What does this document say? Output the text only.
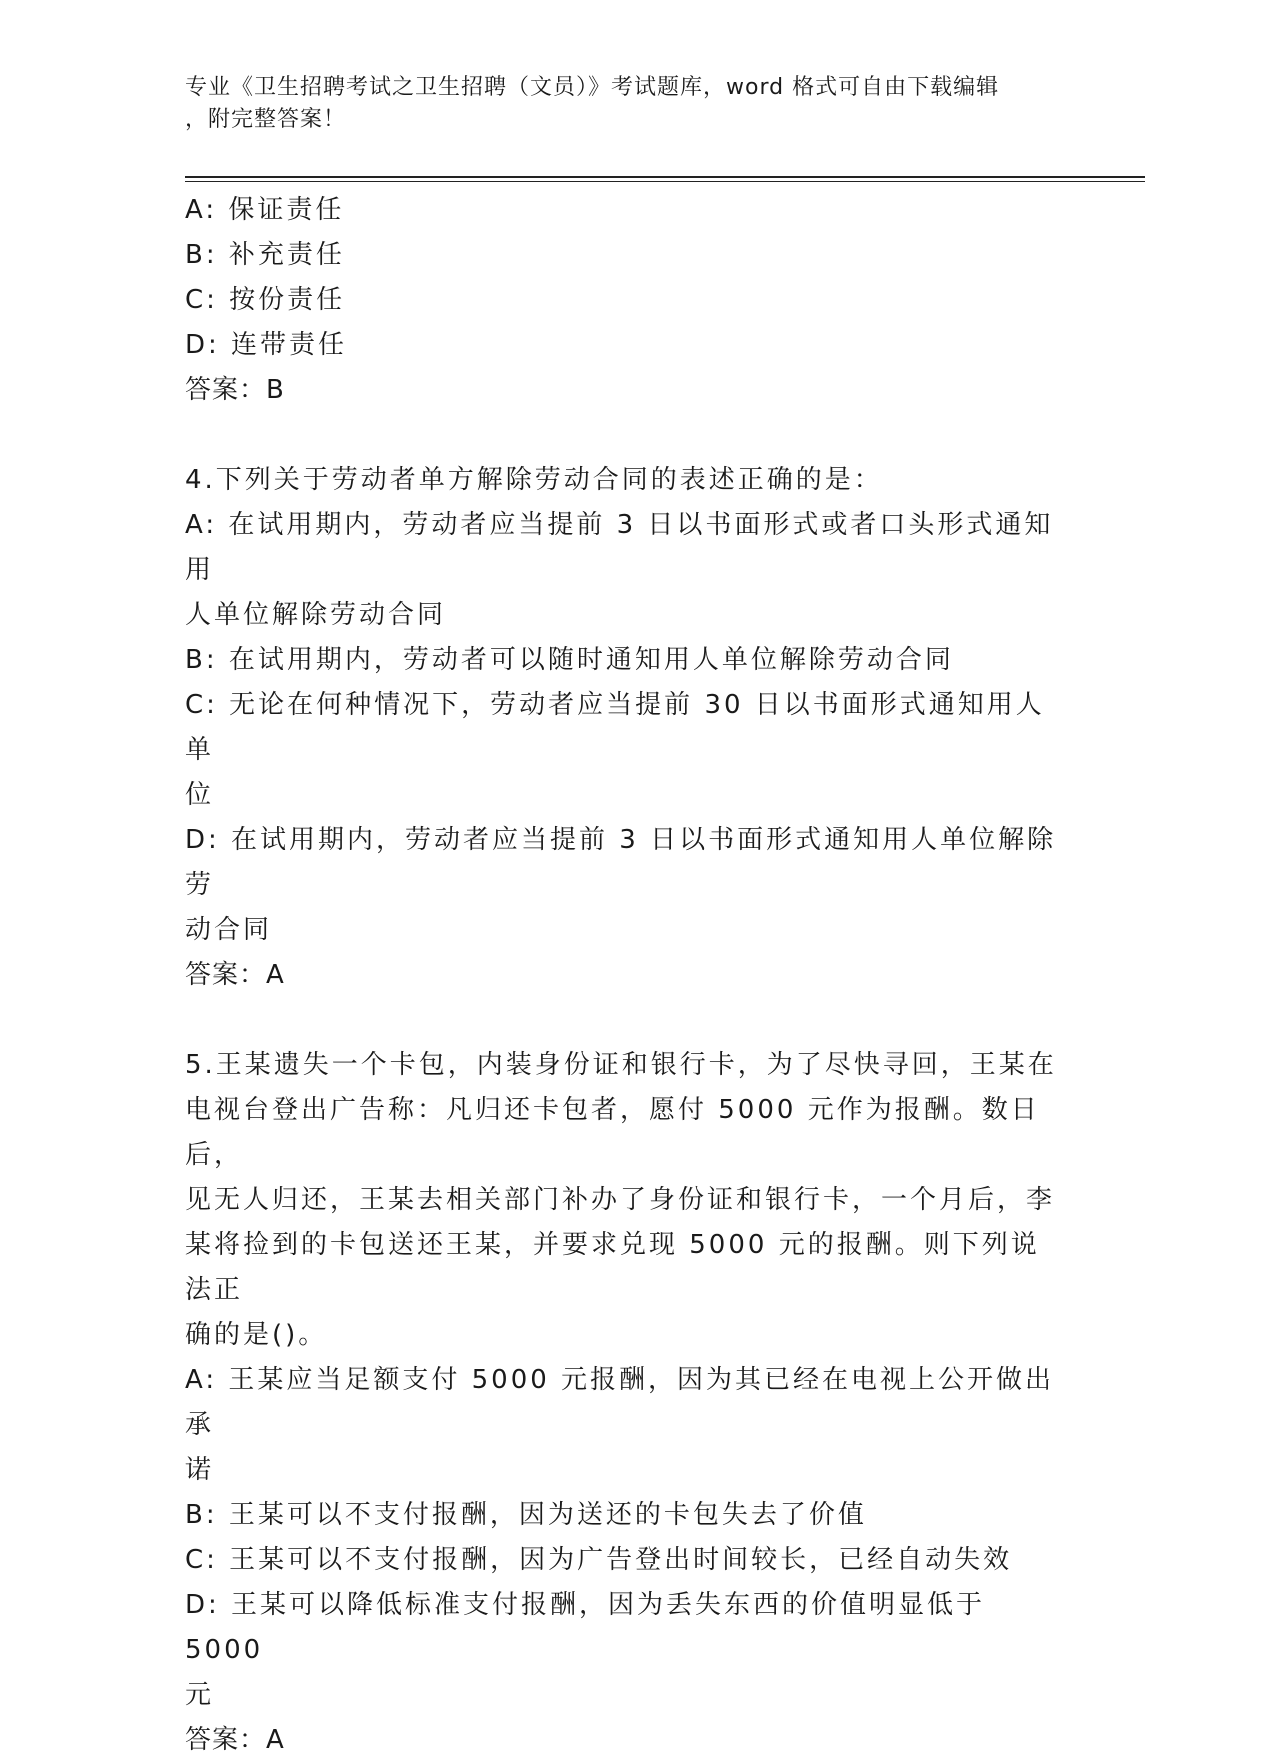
专业《卫生招聘考试之卫生招聘（文员）》考试题库，word 格式可自由下载编辑
，附完整答案！
A: 保证责任
B: 补充责任
C: 按份责任
D: 连带责任
答案：B
4.下列关于劳动者单方解除劳动合同的表述正确的是：
A: 在试用期内，劳动者应当提前 3 日以书面形式或者口头形式通知用
人单位解除劳动合同
B: 在试用期内，劳动者可以随时通知用人单位解除劳动合同
C: 无论在何种情况下，劳动者应当提前 30 日以书面形式通知用人单
位
D: 在试用期内，劳动者应当提前 3 日以书面形式通知用人单位解除劳
动合同
答案：A
5.王某遗失一个卡包，内装身份证和银行卡，为了尽快寻回，王某在
电视台登出广告称：凡归还卡包者，愿付 5000 元作为报酬。数日后，
见无人归还，王某去相关部门补办了身份证和银行卡，一个月后，李
某将捡到的卡包送还王某，并要求兑现 5000 元的报酬。则下列说法正
确的是()。
A: 王某应当足额支付 5000 元报酬，因为其已经在电视上公开做出承
诺
B: 王某可以不支付报酬，因为送还的卡包失去了价值
C: 王某可以不支付报酬，因为广告登出时间较长，已经自动失效
D: 王某可以降低标准支付报酬，因为丢失东西的价值明显低于 5000
元
答案：A
